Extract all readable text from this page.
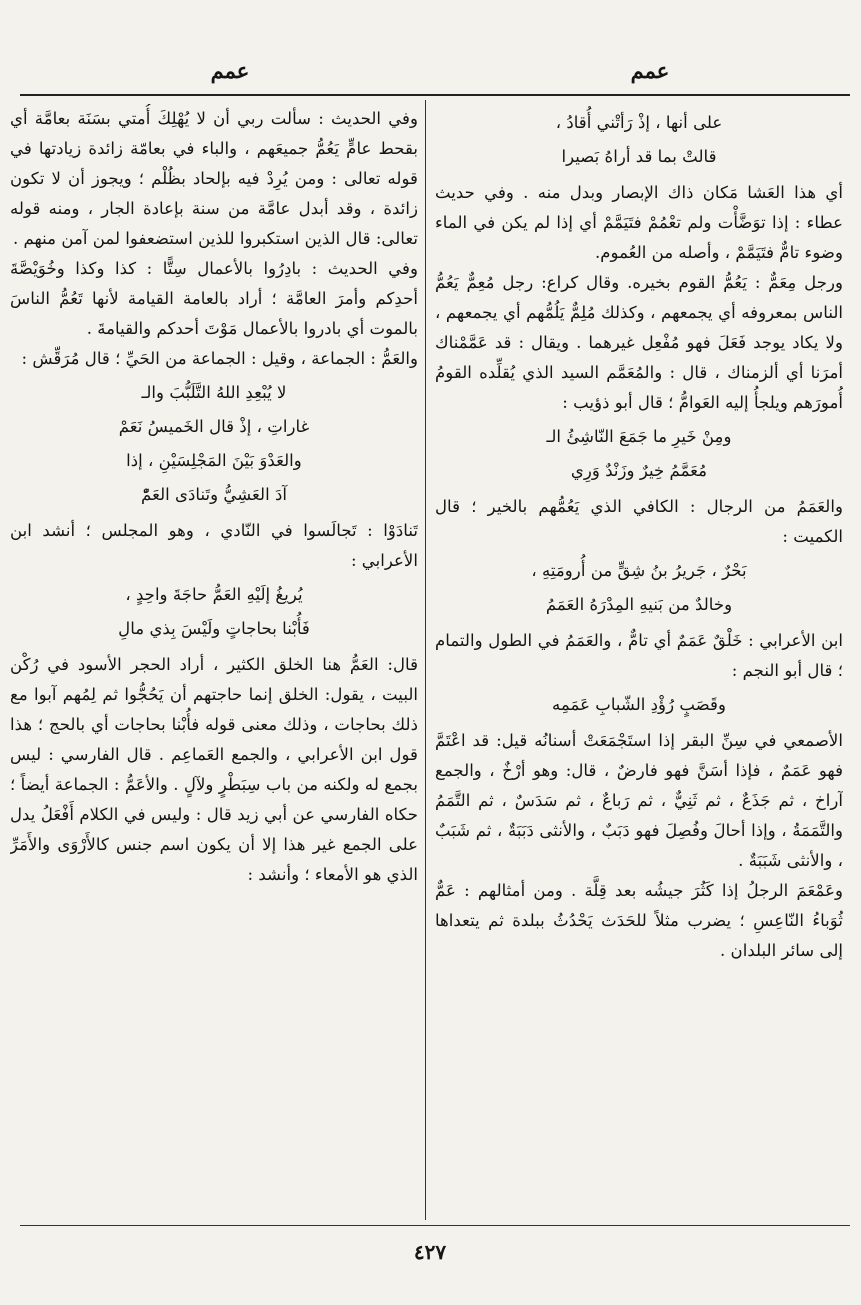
عمم
عمم

على أنها ، إذْ رَأتْني أُقادُ ،

قالتْ بما قد أراهُ بَصيرا

أي هذا العَشا مَكان ذاك الإبصار وبدل منه . وفي حديث عطاء : إذا توَضَّأْت ولم تعْمُمْ فتَيَمَّمْ أي إذا لم يكن في الماء وضوء تامٌّ فتَيَمَّمْ ، وأصله من العُموم.

ورجل مِعَمٌّ : يَعُمُّ القوم بخيره. وقال كراع: رجل مُعِمٌّ يَعُمُّ الناس بمعروفه أي يجمعهم ، وكذلك مُلِمٌّ يَلُمُّهم أي يجمعهم ، ولا يكاد يوجد فَعَلَ فهو مُفْعِل غيرهما . ويقال : قد عَمَّمْناك أمرَنا أي ألزمناك ، قال : والمُعَمَّم السيد الذي يُقلِّده القومُ أُمورَهم ويلجأُ إليه العَوامُّ ؛ قال أبو ذؤيب :

ومِنْ خَيرِ ما جَمَعَ النّاشِئُ الـ

مُعَمَّمُ خِيرٌ وزَنْدٌ وَرِي

والعَمَمُ من الرجال : الكافي الذي يَعُمُّهم بالخير ؛ قال الكميت :

بَحْرٌ ، جَريرُ بنُ شِقٍّ من أُرومَتِهِ ،

وخالدٌ من بَنيهِ المِدْرَهُ العَمَمُ

ابن الأعرابي : خَلْقٌ عَمَمٌ أي تامٌّ ، والعَمَمُ في الطول والتمام ؛ قال أبو النجم :

وقَصَبٍ رُؤْدِ الشّبابِ عَمَمِه

الأصمعي في سِنِّ البقر إذا استَجْمَعَتْ أسنانُه قيل: قد اعْتَمَّ فهو عَمَمٌ ، فإذا أسَنَّ فهو فارضٌ ، قال: وهو أرْخٌ ، والجمع آراخ ، ثم جَذَعٌ ، ثم ثَنِيٌّ ، ثم رَباعٌ ، ثم سَدَسٌ ، ثم التَّمَمُ والتَّمَمَةُ ، وإذا أحالَ وفُصِلَ فهو دَبَبٌ ، والأنثى دَبَبَةٌ ، ثم شَبَبٌ ، والأنثى شَبَبَةٌ .

وعَمْعَمَ الرجلُ إذا كَثُرَ جيشُه بعد قِلَّة . ومن أمثالهم : عَمٌّ ثُوَباءُ النّاعِسِ ؛ يضرب مثلاً للحَدَث يَحْدُثُ ببلدة ثم يتعداها إلى سائر البلدان .

وفي الحديث : سألت ربي أن لا يُهْلِكَ أُمتي بسَنَة بعامَّة أي بقحط عامٍّ يَعُمُّ جميعَهم ، والباء في بعامّة زائدة زيادتها في قوله تعالى : ومن يُرِدْ فيه بإلحاد بظُلْم ؛ ويجوز أن لا تكون زائدة ، وقد أبدل عامَّة من سنة بإعادة الجار ، ومنه قوله تعالى: قال الذين استكبروا للذين استضعفوا لمن آمن منهم .

وفي الحديث : بادِرُوا بالأعمال سِتًّا : كذا وكذا وخُوَيْصَّةَ أحدِكم وأمرَ العامَّة ؛ أراد بالعامة القيامة لأنها تَعُمُّ الناسَ بالموت أي بادروا بالأعمال مَوْتَ أحدكم والقيامةَ .

والعَمُّ : الجماعة ، وقيل : الجماعة من الحَيِّ ؛ قال مُرَقِّش :

لا يُبْعِدِ اللهُ التَّلَبُّبَ والـ

غاراتِ ، إذْ قال الخَميسُ نَعَمْ

والعَدْوَ بَيْنَ المَجْلِسَيْنِ ، إذا

آدَ العَشِيُّ وتَنادَى العَمّْ

تَنادَوْا : تَجالَسوا في النّادي ، وهو المجلس ؛ أنشد ابن الأعرابي :

يُريغُ إلَيْهِ العَمُّ حاجَةَ واحِدٍ ،

فَأُبْنا بحاجاتٍ ولَيْسَ بِذي مالِ

قال: العَمُّ هنا الخلق الكثير ، أراد الحجر الأسود في رُكْن البيت ، يقول: الخلق إنما حاجتهم أن يَحُجُّوا ثم لِمُهم آبوا مع ذلك بحاجات ، وذلك معنى قوله فأُبْنا بحاجات أي بالحج ؛ هذا قول ابن الأعرابي ، والجمع العَماعِم . قال الفارسي : ليس بجمع له ولكنه من باب سِبَطْرٍ ولآلٍ . والأعَمُّ : الجماعة أيضاً ؛ حكاه الفارسي عن أبي زيد قال : وليس في الكلام أَفْعَلُ يدل على الجمع غير هذا إلا أن يكون اسم جنس كالأَرْوَى والأَمَرِّ الذي هو الأمعاء ؛ وأنشد :

٤٢٧
